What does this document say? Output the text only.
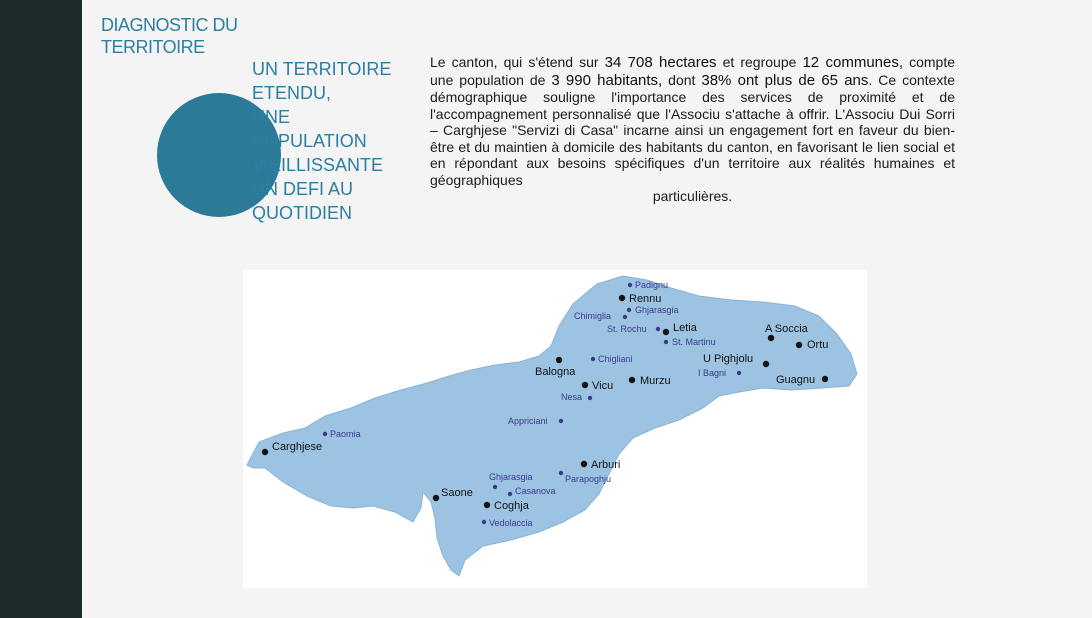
DIAGNOSTIC DU TERRITOIRE
UN TERRITOIRE
ETENDU,
UNE
POPULATION
VIEILLISSANTE
UN DEFI AU
QUOTIDIEN
Le canton, qui s'étend sur 34 708 hectares et regroupe 12 communes, compte une population de 3 990 habitants, dont 38% ont plus de 65 ans. Ce contexte démographique souligne l'importance des services de proximité et de l'accompagnement personnalisé que l'Associu s'attache à offrir. L'Associu Dui Sorri – Carghjese "Servizi di Casa" incarne ainsi un engagement fort en faveur du bien-être et du maintien à domicile des habitants du canton, en favorisant le lien social et en répondant aux besoins spécifiques d'un territoire aux réalités humaines et géographiques
particulières.
Rennu
Letia	A Soccia
Ortu
U Pighjolu
Guagnu
Balogna
Vicu Murzu
Carghjese
Arburi
Saone
Coghja
Padignu
Ghjarasgia
Chimiglia
St. Rochu
St. Martinu
Chigliani
I Bagni
Nesa
Appriciani
Paomia
Ghjarasgia	Parapoghju
Casanova
Vedolaccia
